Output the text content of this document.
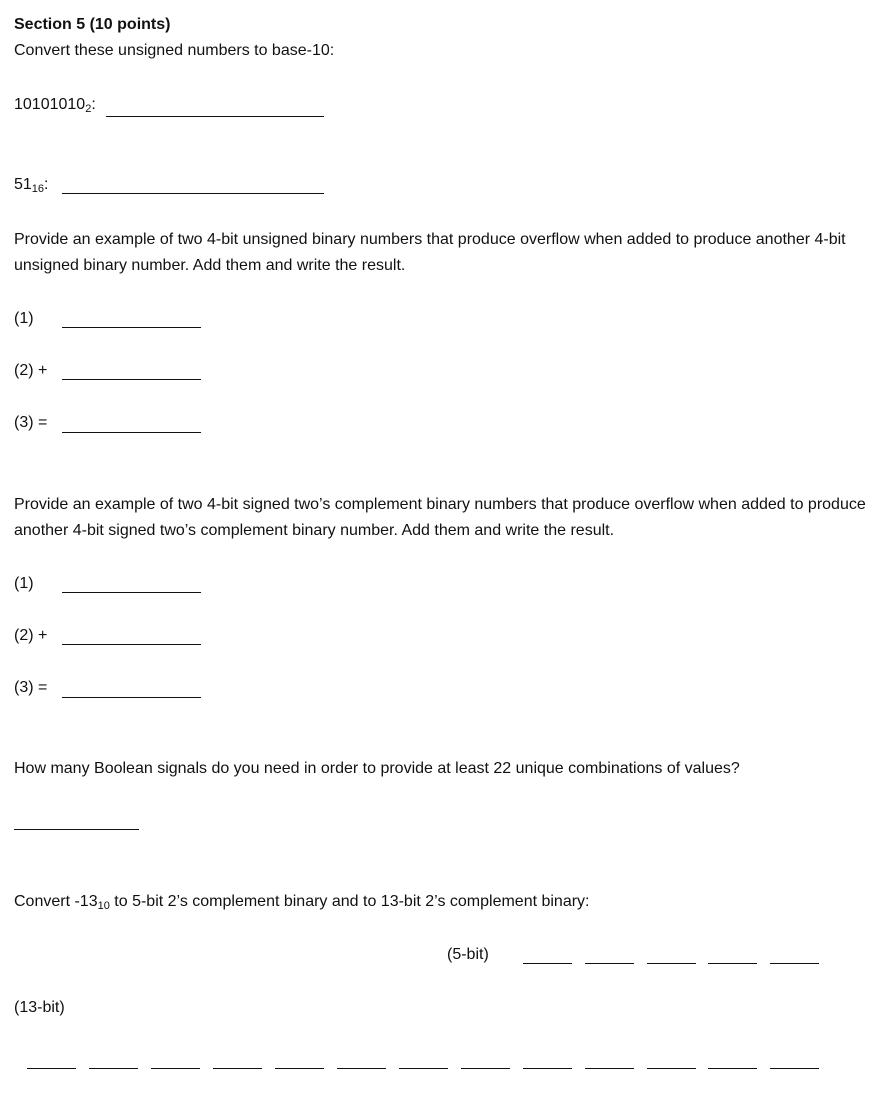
Section 5 (10 points)
Convert these unsigned numbers to base-10:
$10101010_2$:
$51_{16}$:
Provide an example of two 4-bit unsigned binary numbers that produce overflow when added to produce another 4-bit unsigned binary number. Add them and write the result.
(1)
(2) +
(3) =
Provide an example of two 4-bit signed two’s complement binary numbers that produce overflow when added to produce another 4-bit signed two’s complement binary number. Add them and write the result.
(1)
(2) +
(3) =
How many Boolean signals do you need in order to provide at least 22 unique combinations of values?
Convert $-13_{10}$ to 5-bit 2’s complement binary and to 13-bit 2’s complement binary:
(5-bit)
(13-bit)
